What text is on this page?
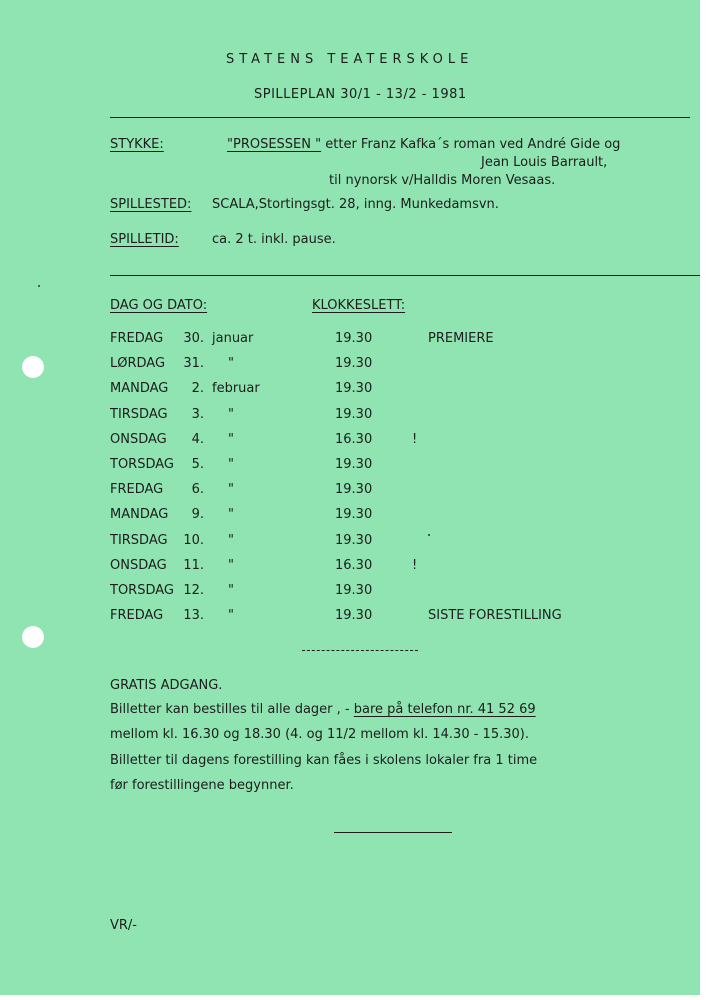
STATENS TEATERSKOLE
SPILLEPLAN 30/1 - 13/2 - 1981
STYKKE:	"PROSESSEN " etter Franz Kafka´s roman ved André Gide og
Jean Louis Barrault,
til nynorsk v/Halldis Moren Vesaas.
SPILLESTED: SCALA,Stortingsgt. 28, inng. Munkedamsvn.
SPILLETID:	ca. 2 t. inkl. pause.
DAG OG DATO:	KLOKKESLETT:
FREDAG	30. januar	19.30	PREMIERE
LØRDAG	31. "	19.30
MANDAG	2. februar	19.30
TIRSDAG	3. "	19.30
ONSDAG	4. "	16.30	!
TORSDAG	5. "	19.30
FREDAG	6. "	19.30
MANDAG	9. "	19.30
TIRSDAG	10. "	19.30
ONSDAG	11. "	16.30	!
TORSDAG 12. "	19.30
FREDAG	13. "	19.30	SISTE FORESTILLING
GRATIS ADGANG.
Billetter kan bestilles til alle dager , - bare på telefon nr. 41 52 69
mellom kl. 16.30 og 18.30 (4. og 11/2 mellom kl. 14.30 - 15.30).
Billetter til dagens forestilling kan fåes i skolens lokaler fra 1 time
før forestillingene begynner.
VR/-
